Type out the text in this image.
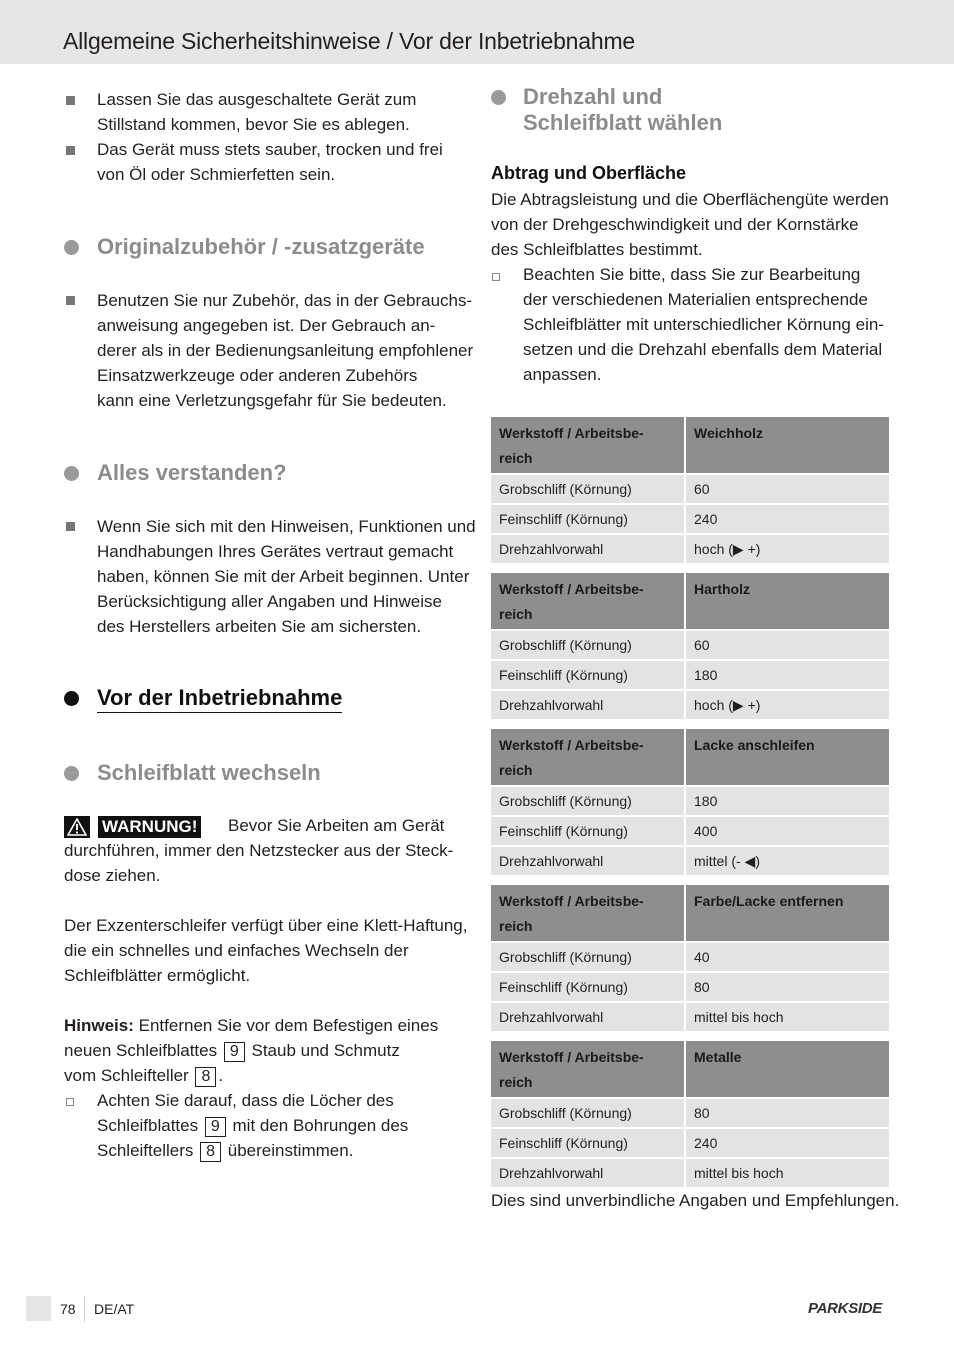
Allgemeine Sicherheitshinweise / Vor der Inbetriebnahme
Lassen Sie das ausgeschaltete Gerät zum
Stillstand kommen, bevor Sie es ablegen.
Das Gerät muss stets sauber, trocken und frei
von Öl oder Schmierfetten sein.
Originalzubehör / -zusatzgeräte
Benutzen Sie nur Zubehör, das in der Gebrauchs-
anweisung angegeben ist. Der Gebrauch an-
derer als in der Bedienungsanleitung empfohlener
Einsatzwerkzeuge oder anderen Zubehörs
kann eine Verletzungsgefahr für Sie bedeuten.
Alles verstanden?
Wenn Sie sich mit den Hinweisen, Funktionen und
Handhabungen Ihres Gerätes vertraut gemacht
haben, können Sie mit der Arbeit beginnen. Unter
Berücksichtigung aller Angaben und Hinweise
des Herstellers arbeiten Sie am sichersten.
Vor der Inbetriebnahme
Schleifblatt wechseln
WARNUNG! Bevor Sie Arbeiten am Gerät
durchführen, immer den Netzstecker aus der Steck-
dose ziehen.
Der Exzenterschleifer verfügt über eine Klett-Haftung,
die ein schnelles und einfaches Wechseln der
Schleifblätter ermöglicht.
Hinweis: Entfernen Sie vor dem Befestigen eines
neuen Schleifblattes 9 Staub und Schmutz
vom Schleifteller 8 .
Achten Sie darauf, dass die Löcher des
Schleifblattes 9 mit den Bohrungen des
Schleiftellers 8 übereinstimmen.
Drehzahl und
Schleifblatt wählen
Abtrag und Oberfläche
Die Abtragsleistung und die Oberflächengüte werden
von der Drehgeschwindigkeit und der Kornstärke
des Schleifblattes bestimmt.
Beachten Sie bitte, dass Sie zur Bearbeitung
der verschiedenen Materialien entsprechende
Schleifblätter mit unterschiedlicher Körnung ein-
setzen und die Drehzahl ebenfalls dem Material
anpassen.
Werkstoff / Arbeitsbe-
reich	Weichholz
Grobschliff (Körnung)	60
Feinschliff (Körnung)	240
Drehzahlvorwahl	hoch (▶ +)
Werkstoff / Arbeitsbe-
reich	Hartholz
Grobschliff (Körnung)	60
Feinschliff (Körnung)	180
Drehzahlvorwahl	hoch (▶ +)
Werkstoff / Arbeitsbe-
reich	Lacke anschleifen
Grobschliff (Körnung)	180
Feinschliff (Körnung)	400
Drehzahlvorwahl	mittel (- ◀)
Werkstoff / Arbeitsbe-
reich	Farbe/Lacke entfernen
Grobschliff (Körnung)	40
Feinschliff (Körnung)	80
Drehzahlvorwahl	mittel bis hoch
Werkstoff / Arbeitsbe-
reich	Metalle
Grobschliff (Körnung)	80
Feinschliff (Körnung)	240
Drehzahlvorwahl	mittel bis hoch
Dies sind unverbindliche Angaben und Empfehlungen.
78 DE/AT	PARKSIDE
